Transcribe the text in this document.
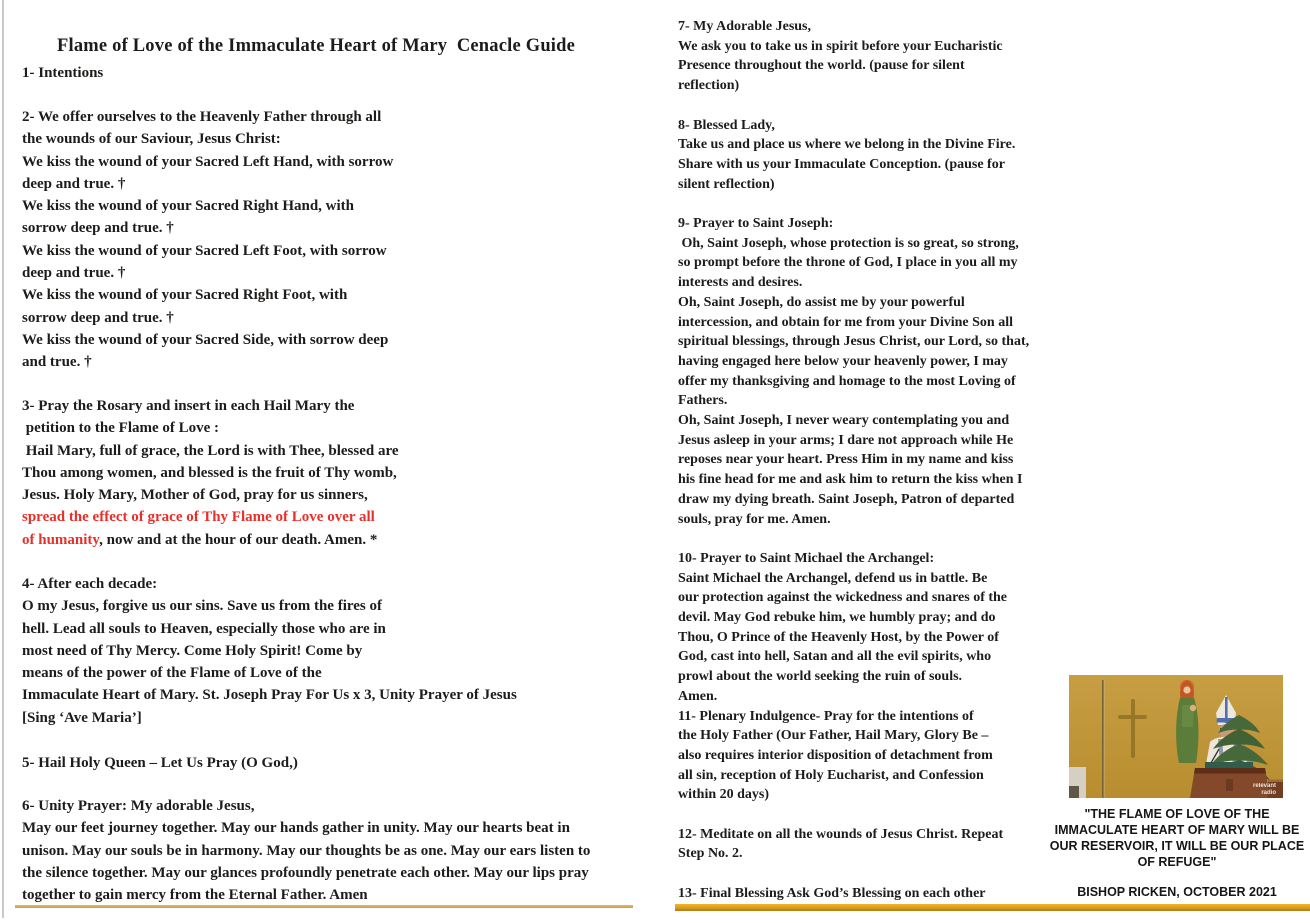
Flame of Love of the Immaculate Heart of Mary  Cenacle Guide

1- Intentions

2- We offer ourselves to the Heavenly Father through all
the wounds of our Saviour, Jesus Christ:
We kiss the wound of your Sacred Left Hand, with sorrow
deep and true. †
We kiss the wound of your Sacred Right Hand, with
sorrow deep and true. †
We kiss the wound of your Sacred Left Foot, with sorrow
deep and true. †
We kiss the wound of your Sacred Right Foot, with
sorrow deep and true. †
We kiss the wound of your Sacred Side, with sorrow deep
and true. †

3- Pray the Rosary and insert in each Hail Mary the
petition to the Flame of Love :
Hail Mary, full of grace, the Lord is with Thee, blessed are
Thou among women, and blessed is the fruit of Thy womb,
Jesus. Holy Mary, Mother of God, pray for us sinners,
spread the effect of grace of Thy Flame of Love over all
of humanity, now and at the hour of our death. Amen. *

4- After each decade:
O my Jesus, forgive us our sins. Save us from the fires of
hell. Lead all souls to Heaven, especially those who are in
most need of Thy Mercy. Come Holy Spirit! Come by
means of the power of the Flame of Love of the
Immaculate Heart of Mary. St. Joseph Pray For Us x 3, Unity Prayer of Jesus
[Sing ‘Ave Maria’]

5- Hail Holy Queen – Let Us Pray (O God,)

6- Unity Prayer: My adorable Jesus,
May our feet journey together. May our hands gather in unity. May our hearts beat in
unison. May our souls be in harmony. May our thoughts be as one. May our ears listen to
the silence together. May our glances profoundly penetrate each other. May our lips pray
together to gain mercy from the Eternal Father. Amen

7- My Adorable Jesus,
We ask you to take us in spirit before your Eucharistic
Presence throughout the world. (pause for silent
reflection)

8- Blessed Lady,
Take us and place us where we belong in the Divine Fire.
Share with us your Immaculate Conception. (pause for
silent reflection)

9- Prayer to Saint Joseph:
Oh, Saint Joseph, whose protection is so great, so strong,
so prompt before the throne of God, I place in you all my
interests and desires.
Oh, Saint Joseph, do assist me by your powerful
intercession, and obtain for me from your Divine Son all
spiritual blessings, through Jesus Christ, our Lord, so that,
having engaged here below your heavenly power, I may
offer my thanksgiving and homage to the most Loving of
Fathers.
Oh, Saint Joseph, I never weary contemplating you and
Jesus asleep in your arms; I dare not approach while He
reposes near your heart. Press Him in my name and kiss
his fine head for me and ask him to return the kiss when I
draw my dying breath. Saint Joseph, Patron of departed
souls, pray for me. Amen.

10- Prayer to Saint Michael the Archangel:
Saint Michael the Archangel, defend us in battle. Be
our protection against the wickedness and snares of the
devil. May God rebuke him, we humbly pray; and do
Thou, O Prince of the Heavenly Host, by the Power of
God, cast into hell, Satan and all the evil spirits, who
prowl about the world seeking the ruin of souls.
Amen.

11- Plenary Indulgence- Pray for the intentions of
the Holy Father (Our Father, Hail Mary, Glory Be –
also requires interior disposition of detachment from
all sin, reception of Holy Eucharist, and Confession
within 20 days)

12- Meditate on all the wounds of Jesus Christ. Repeat
Step No. 2.

13- Final Blessing Ask God’s Blessing on each other

relevant
radio

"THE FLAME OF LOVE OF THE
IMMACULATE HEART OF MARY WILL BE
OUR RESERVOIR, IT WILL BE OUR PLACE
OF REFUGE"

BISHOP RICKEN, OCTOBER 2021
